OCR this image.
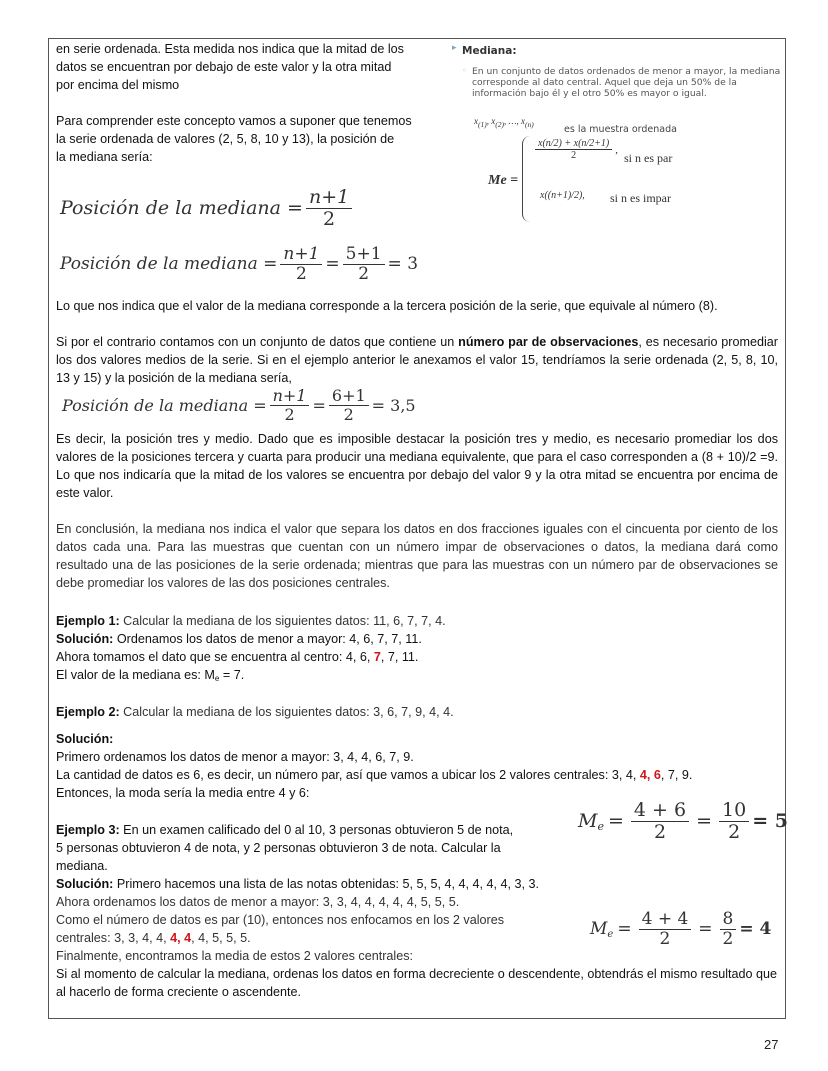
en serie ordenada. Esta medida nos indica que la mitad de los
datos se encuentran por debajo de este valor y la otra mitad
por encima del mismo
Para comprender este concepto vamos a suponer que tenemos
la serie ordenada de valores (2, 5, 8, 10 y 13), la posición de
la mediana sería:
▸ Mediana:
◦ En un conjunto de datos ordenados de menor a mayor, la mediana corresponde al dato central. Aquel que deja un 50% de la información bajo él y el otro 50% es mayor o igual.
$x_{(1)}$, $x_{(2)}$, …, $x_{(n)}$	es la muestra ordenada
Me =
$\frac{x(n/2) + x(n/2+1)}{2}$ ,
si n es par
x((n+1)/2), si n es impar
Posición de la mediana = $\frac{n+1}{2}$
Posición de la mediana = $\frac{n+1}{2} = \frac{5+1}{2} = 3$
Lo que nos indica que el valor de la mediana corresponde a la tercera posición de la serie, que equivale al número (8).
Si por el contrario contamos con un conjunto de datos que contiene un número par de observaciones, es necesario promediar los dos valores medios de la serie. Si en el ejemplo anterior le anexamos el valor 15, tendríamos la serie ordenada (2, 5, 8, 10, 13 y 15) y la posición de la mediana sería,
Posición de la mediana = $\frac{n+1}{2} = \frac{6+1}{2} = 3,5$
Es decir, la posición tres y medio. Dado que es imposible destacar la posición tres y medio, es necesario promediar los dos valores de la posiciones tercera y cuarta para producir una mediana equivalente, que para el caso corresponden a (8 + 10)/2 =9. Lo que nos indicaría que la mitad de los valores se encuentra por debajo del valor 9 y la otra mitad se encuentra por encima de este valor.
En conclusión, la mediana nos indica el valor que separa los datos en dos fracciones iguales con el cincuenta por ciento de los datos cada una. Para las muestras que cuentan con un número impar de observaciones o datos, la mediana dará como resultado una de las posiciones de la serie ordenada; mientras que para las muestras con un número par de observaciones se debe promediar los valores de las dos posiciones centrales.
Ejemplo 1: Calcular la mediana de los siguientes datos: 11, 6, 7, 7, 4.
Solución: Ordenamos los datos de menor a mayor: 4, 6, 7, 7, 11.
Ahora tomamos el dato que se encuentra al centro: 4, 6, 7, 7, 11.
El valor de la mediana es: $M_e = 7$.
Ejemplo 2: Calcular la mediana de los siguientes datos: 3, 6, 7, 9, 4, 4.
Solución:
Primero ordenamos los datos de menor a mayor: 3, 4, 4, 6, 7, 9.
La cantidad de datos es 6, es decir, un número par, así que vamos a ubicar los 2 valores centrales: 3, 4, 4, 6, 7, 9.
Entonces, la moda sería la media entre 4 y 6:
M $e = \frac{4 + 6}{2} = \frac{10}{2} = 5$
Ejemplo 3: En un examen calificado del 0 al 10, 3 personas obtuvieron 5 de nota,
5 personas obtuvieron 4 de nota, y 2 personas obtuvieron 3 de nota. Calcular la
mediana.
Solución: Primero hacemos una lista de las notas obtenidas: 5, 5, 5, 4, 4, 4, 4, 4, 3, 3.
Ahora ordenamos los datos de menor a mayor: 3, 3, 4, 4, 4, 4, 4, 5, 5, 5.
Como el número de datos es par (10), entonces nos enfocamos en los 2 valores
centrales: 3, 3, 4, 4, 4, 4, 4, 5, 5, 5.
Finalmente, encontramos la media de estos 2 valores centrales:
Si al momento de calcular la mediana, ordenas los datos en forma decreciente o descendente, obtendrás el mismo resultado que al hacerlo de forma creciente o ascendente.
M $e = \frac{4 + 4}{2} = \frac{8}{2} = 4$
27
